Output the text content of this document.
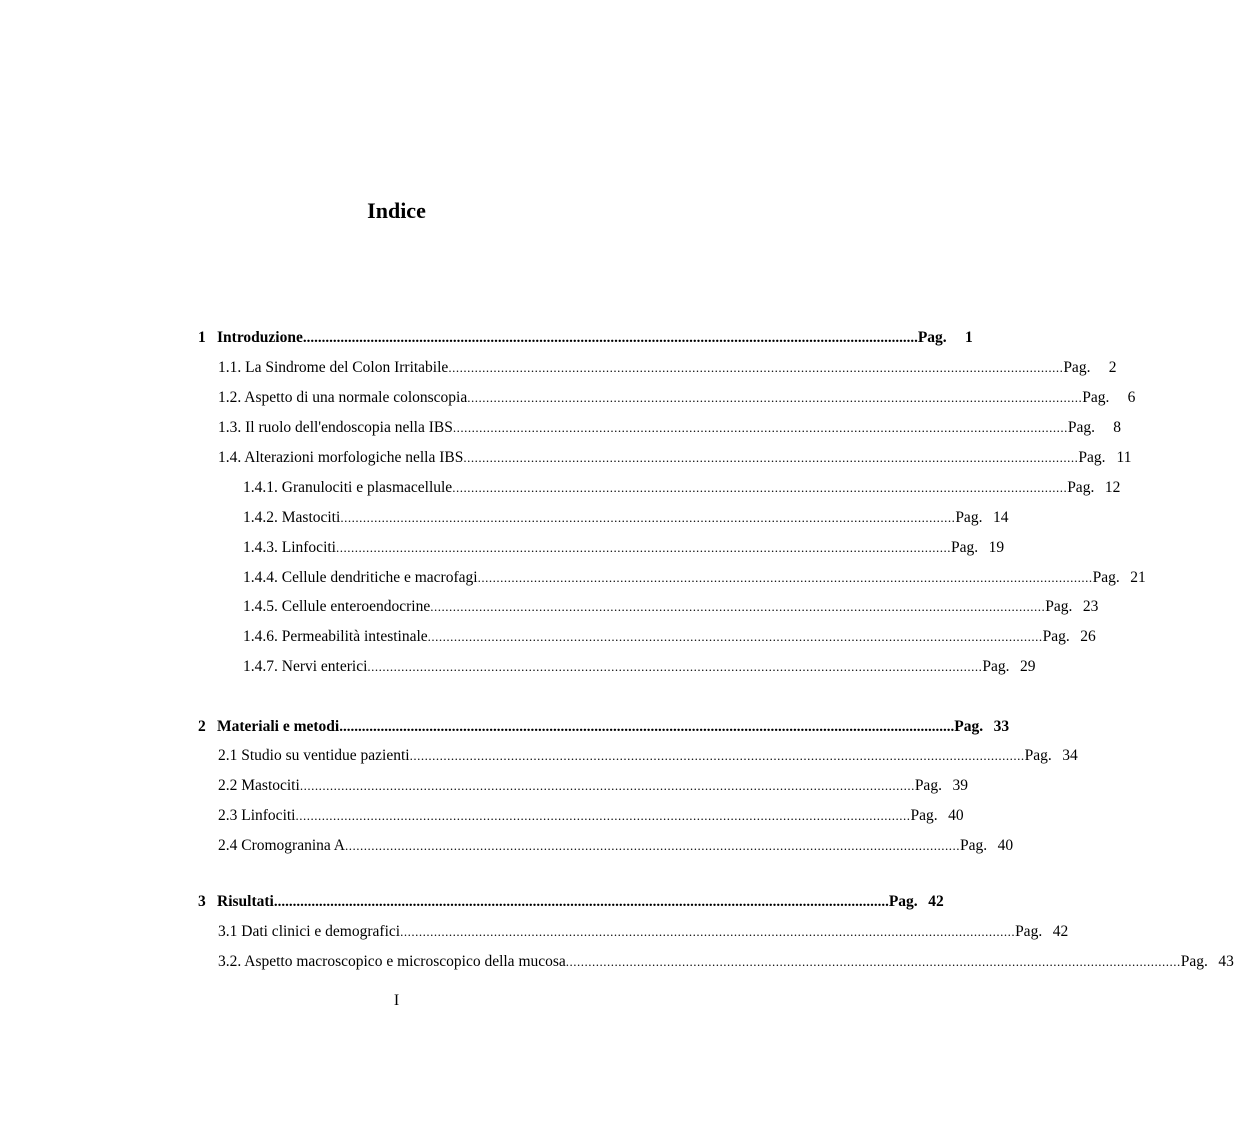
Indice
1 Introduzione .................................................................................................................................................................... Pag.	1
1.1. La Sindrome del Colon Irritabile .................................................................................................................................................................... Pag.	2
1.2. Aspetto di una normale colonscopia .................................................................................................................................................................... Pag.	6
1.3. Il ruolo dell'endoscopia nella IBS .................................................................................................................................................................... Pag.	8
1.4. Alterazioni morfologiche nella IBS .................................................................................................................................................................... Pag. 11
1.4.1. Granulociti e plasmacellule .................................................................................................................................................................... Pag. 12
1.4.2. Mastociti .................................................................................................................................................................... Pag. 14
1.4.3. Linfociti .................................................................................................................................................................... Pag. 19
1.4.4. Cellule dendritiche e macrofagi .................................................................................................................................................................... Pag. 21
1.4.5. Cellule enteroendocrine .................................................................................................................................................................... Pag. 23
1.4.6. Permeabilità intestinale .................................................................................................................................................................... Pag. 26
1.4.7. Nervi enterici .................................................................................................................................................................... Pag. 29
2 Materiali e metodi .................................................................................................................................................................... Pag. 33
2.1 Studio su ventidue pazienti .................................................................................................................................................................... Pag. 34
2.2 Mastociti .................................................................................................................................................................... Pag. 39
2.3 Linfociti .................................................................................................................................................................... Pag. 40
2.4 Cromogranina A .................................................................................................................................................................... Pag. 40
3 Risultati .................................................................................................................................................................... Pag. 42
3.1 Dati clinici e demografici .................................................................................................................................................................... Pag. 42
3.2. Aspetto macroscopico e microscopico della mucosa .................................................................................................................................................................... Pag. 43
I
